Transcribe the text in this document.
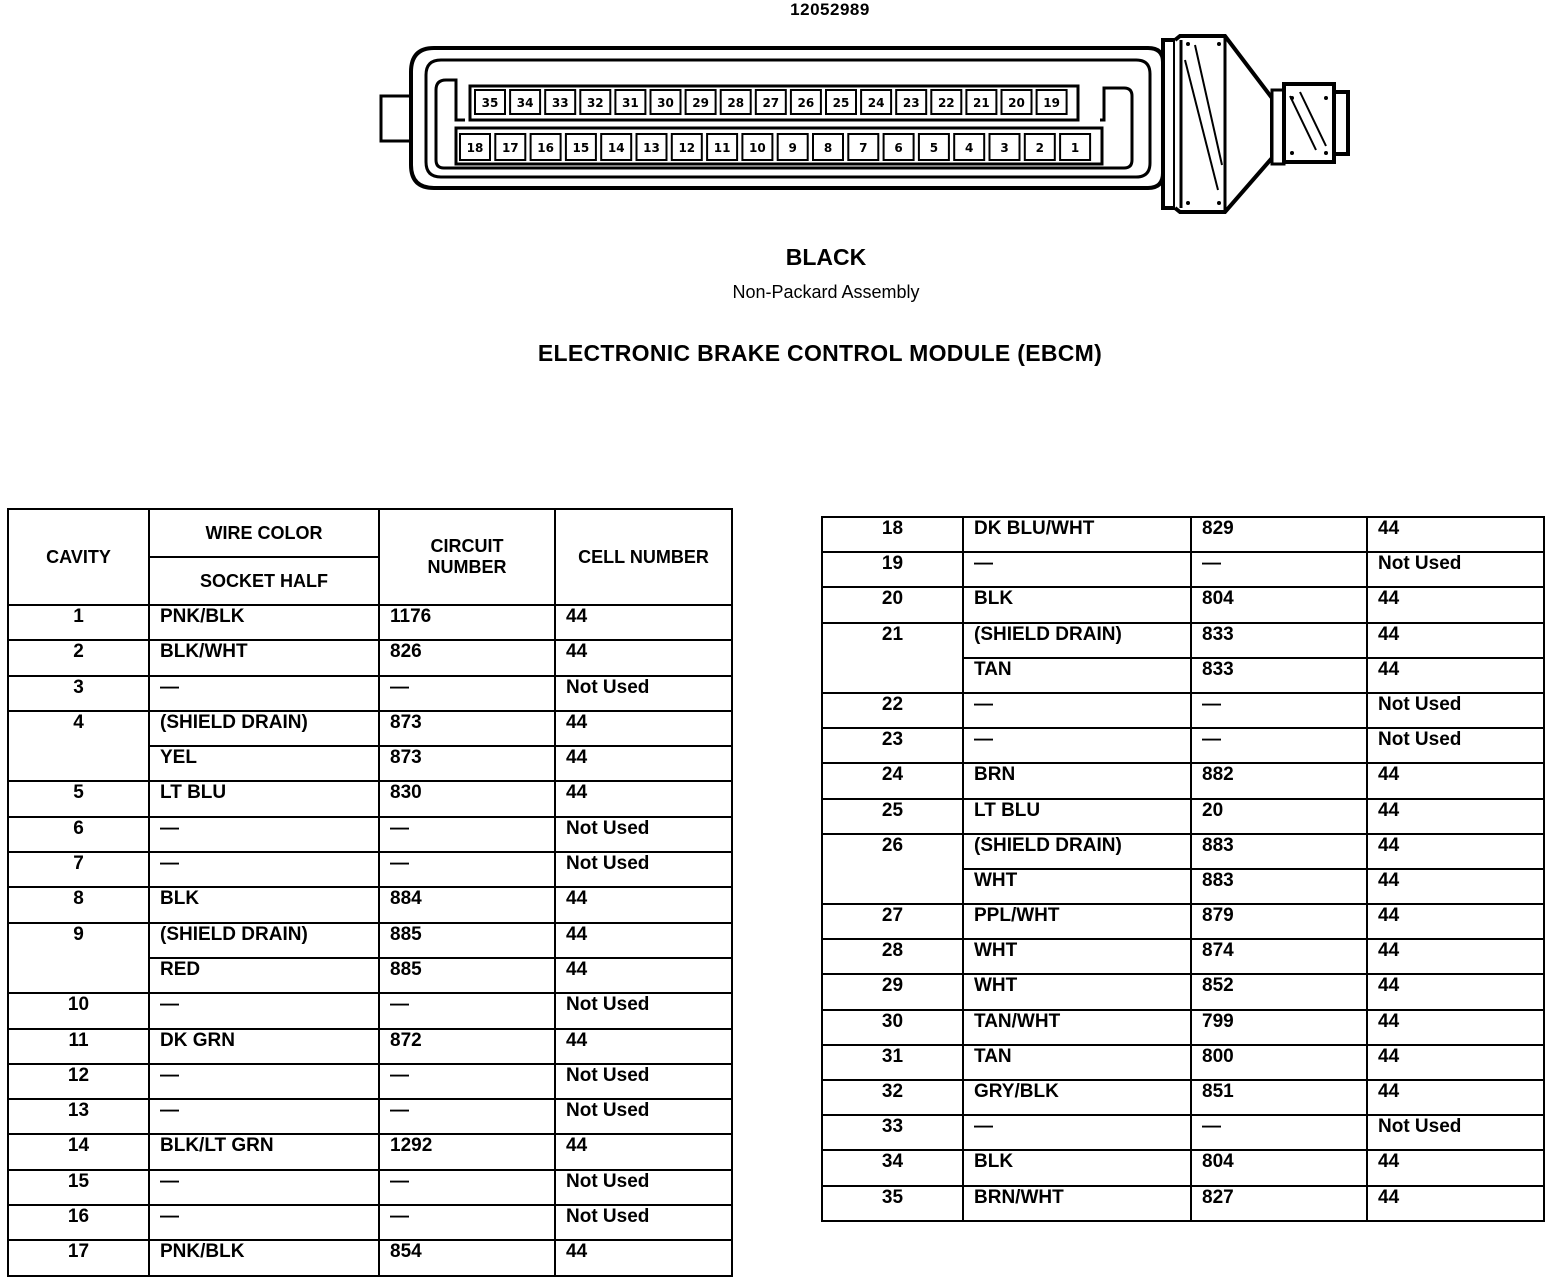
12052989
35 34 33 32 31 30 29 28 27 26 25 24 23 22 21 20 19
18 17 16 15 14 13 12 11 10 9 8 7 6 5 4 3 2 1
BLACK
Non-Packard Assembly
ELECTRONIC BRAKE CONTROL MODULE (EBCM)
CAVITY	WIRE COLOR	CIRCUIT NUMBER	CELL NUMBER
	SOCKET HALF		
1	PNK/BLK	1176	44
2	BLK/WHT	826	44
3	—	—	Not Used
4	(SHIELD DRAIN)	873	44
	YEL	873	44
5	LT BLU	830	44
6	—	—	Not Used
7	—	—	Not Used
8	BLK	884	44
9	(SHIELD DRAIN)	885	44
	RED	885	44
10	—	—	Not Used
11	DK GRN	872	44
12	—	—	Not Used
13	—	—	Not Used
14	BLK/LT GRN	1292	44
15	—	—	Not Used
16	—	—	Not Used
17	PNK/BLK	854	44
18	DK BLU/WHT	829	44
19	—	—	Not Used
20	BLK	804	44
21	(SHIELD DRAIN)	833	44
	TAN	833	44
22	—	—	Not Used
23	—	—	Not Used
24	BRN	882	44
25	LT BLU	20	44
26	(SHIELD DRAIN)	883	44
	WHT	883	44
27	PPL/WHT	879	44
28	WHT	874	44
29	WHT	852	44
30	TAN/WHT	799	44
31	TAN	800	44
32	GRY/BLK	851	44
33	—	—	Not Used
34	BLK	804	44
35	BRN/WHT	827	44
